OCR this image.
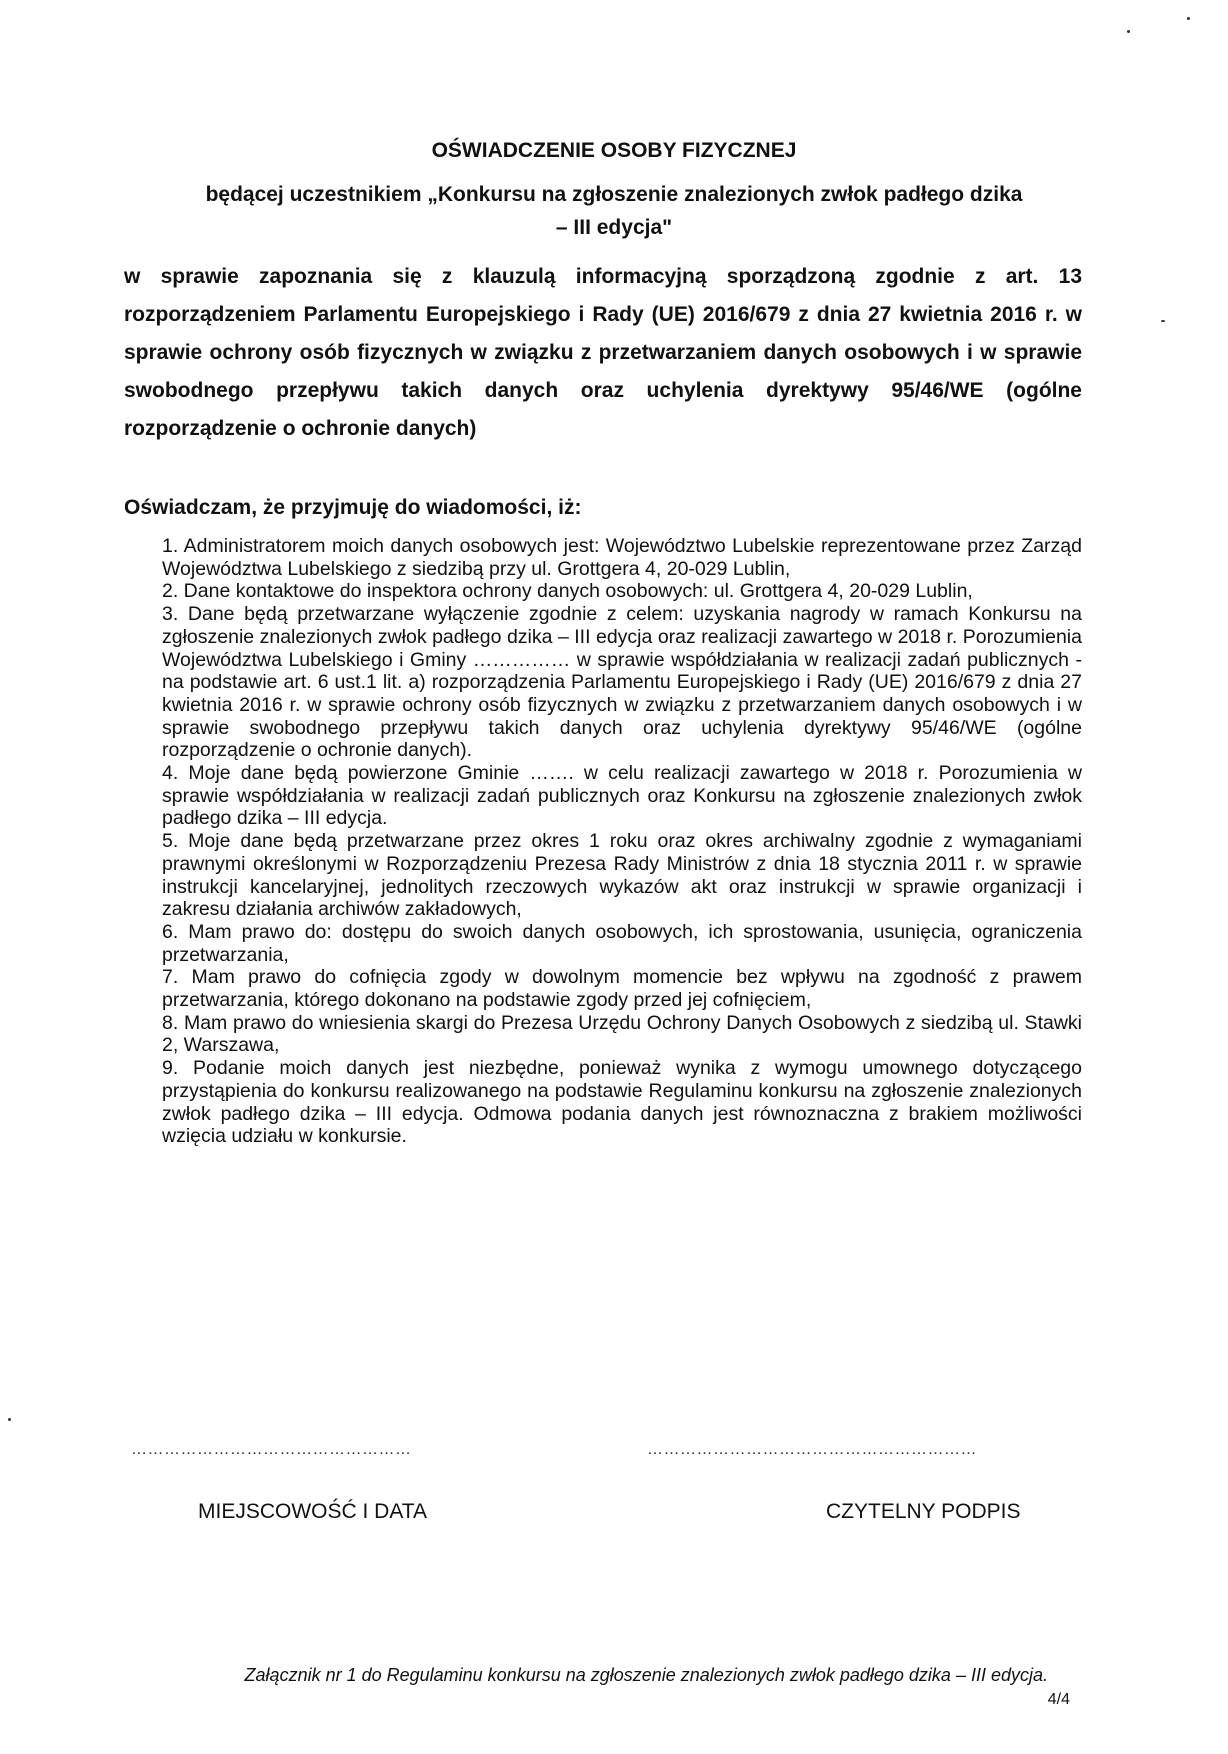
OŚWIADCZENIE OSOBY FIZYCZNEJ
będącej uczestnikiem „Konkursu na zgłoszenie znalezionych zwłok padłego dzika
– III edycja"
w sprawie zapoznania się z klauzulą informacyjną sporządzoną zgodnie z art. 13 rozporządzeniem Parlamentu Europejskiego i Rady (UE) 2016/679 z dnia 27 kwietnia 2016 r. w sprawie ochrony osób fizycznych w związku z przetwarzaniem danych osobowych i w sprawie swobodnego przepływu takich danych oraz uchylenia dyrektywy 95/46/WE (ogólne rozporządzenie o ochronie danych)
Oświadczam, że przyjmuję do wiadomości, iż:

1. Administratorem moich danych osobowych jest: Województwo Lubelskie reprezentowane przez Zarząd Województwa Lubelskiego z siedzibą przy ul. Grottgera 4, 20-029 Lublin,

2. Dane kontaktowe do inspektora ochrony danych osobowych: ul. Grottgera 4, 20-029 Lublin,

3. Dane będą przetwarzane wyłączenie zgodnie z celem: uzyskania nagrody w ramach Konkursu na zgłoszenie znalezionych zwłok padłego dzika – III edycja oraz realizacji zawartego w 2018 r. Porozumienia Województwa Lubelskiego i Gminy …………… w sprawie współdziałania w realizacji zadań publicznych - na podstawie art. 6 ust.1 lit. a) rozporządzenia Parlamentu Europejskiego i Rady (UE) 2016/679 z dnia 27 kwietnia 2016 r. w sprawie ochrony osób fizycznych w związku z przetwarzaniem danych osobowych i w sprawie swobodnego przepływu takich danych oraz uchylenia dyrektywy 95/46/WE (ogólne rozporządzenie o ochronie danych).

4. Moje dane będą powierzone Gminie ……. w celu realizacji zawartego w 2018 r. Porozumienia w sprawie współdziałania w realizacji zadań publicznych oraz Konkursu na zgłoszenie znalezionych zwłok padłego dzika – III edycja.

5. Moje dane będą przetwarzane przez okres 1 roku oraz okres archiwalny zgodnie z wymaganiami prawnymi określonymi w Rozporządzeniu Prezesa Rady Ministrów z dnia 18 stycznia 2011 r. w sprawie instrukcji kancelaryjnej, jednolitych rzeczowych wykazów akt oraz instrukcji w sprawie organizacji i zakresu działania archiwów zakładowych,

6. Mam prawo do: dostępu do swoich danych osobowych, ich sprostowania, usunięcia, ograniczenia przetwarzania,

7. Mam prawo do cofnięcia zgody w dowolnym momencie bez wpływu na zgodność z prawem przetwarzania, którego dokonano na podstawie zgody przed jej cofnięciem,

8. Mam prawo do wniesienia skargi do Prezesa Urzędu Ochrony Danych Osobowych z siedzibą ul. Stawki 2, Warszawa,

9. Podanie moich danych jest niezbędne, ponieważ wynika z wymogu umownego dotyczącego przystąpienia do konkursu realizowanego na podstawie Regulaminu konkursu na zgłoszenie znalezionych zwłok padłego dzika – III edycja. Odmowa podania danych jest równoznaczna z brakiem możliwości wzięcia udziału w konkursie.

……………………………………………	……………………………………………………
MIEJSCOWOŚĆ I DATA	CZYTELNY PODPIS
Załącznik nr 1 do Regulaminu konkursu na zgłoszenie znalezionych zwłok padłego dzika – III edycja.
4/4
